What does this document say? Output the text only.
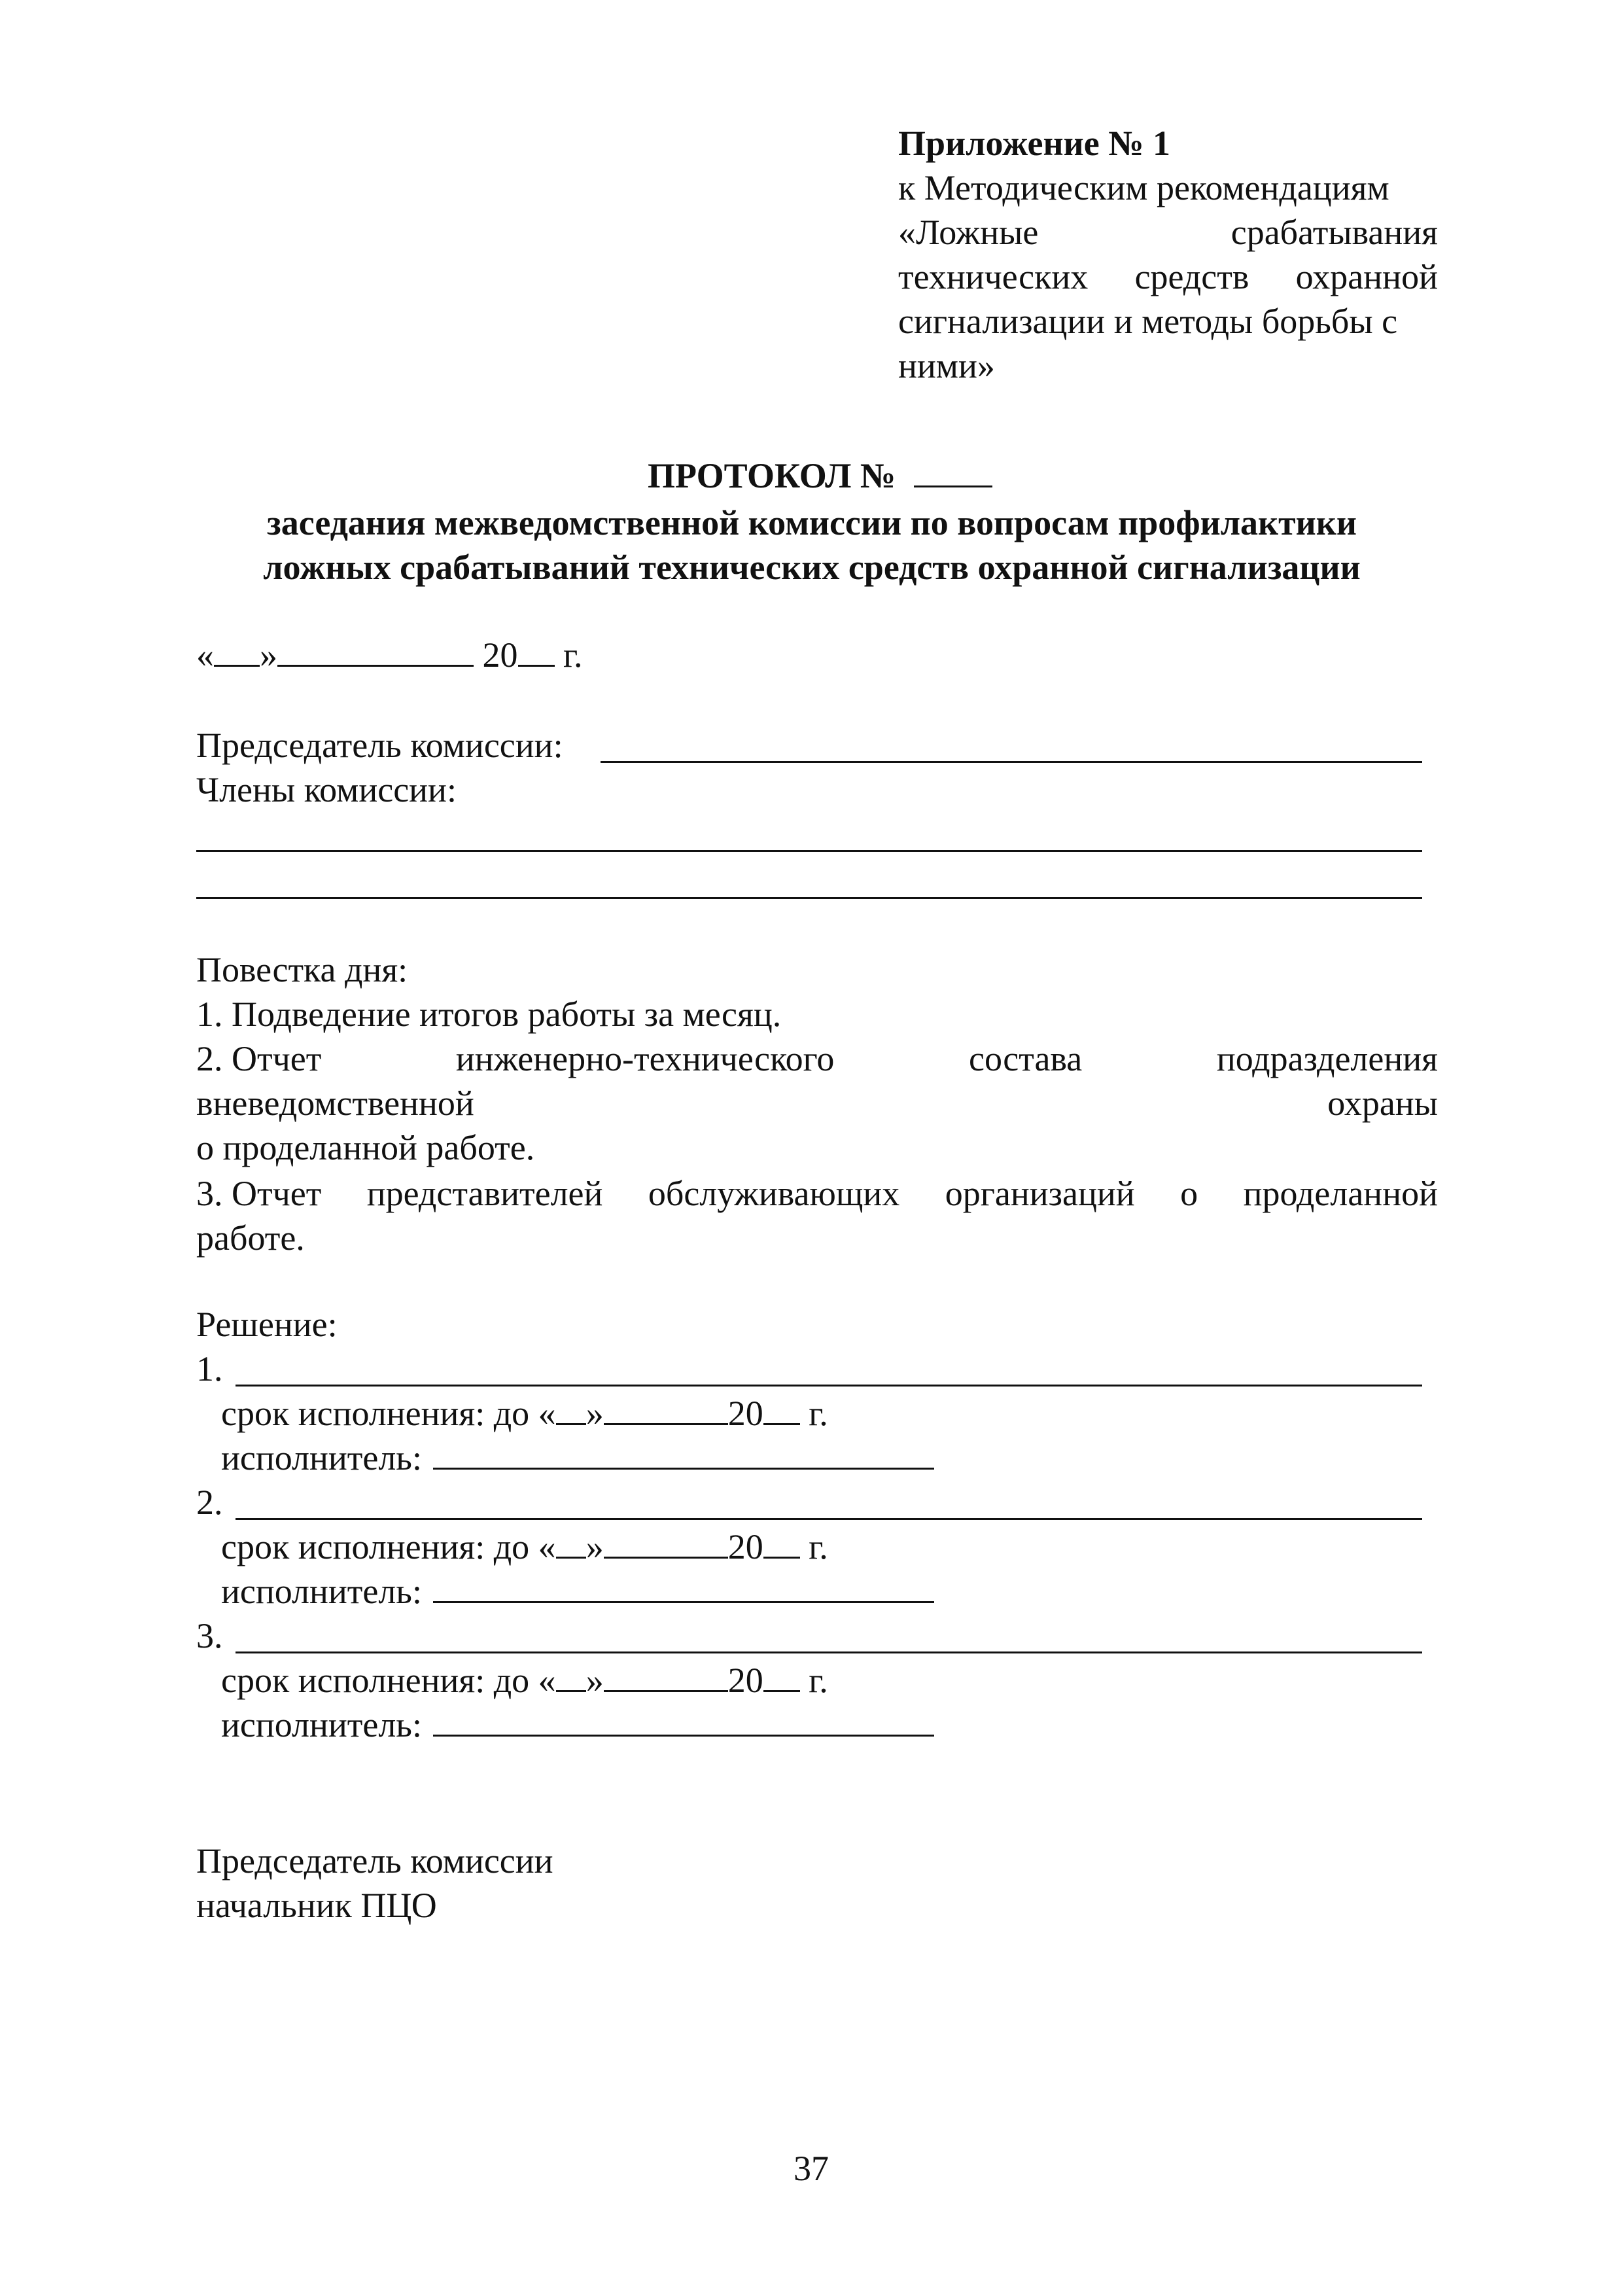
Приложение № 1
к Методическим рекомендациям
«Ложные	срабатывания
технических средств охранной
сигнализации и методы борьбы с
ними»
ПРОТОКОЛ №
заседания межведомственной комиссии по вопросам профилактики
ложных срабатываний технических средств охранной сигнализации
« »	20 г.
Председатель комиссии:
Члены комиссии:
Повестка дня:
1. Подведение итогов работы за месяц.
2. Отчет	инженерно-технического	состава	подразделения
вневедомственной	охраны
о проделанной работе.
3. Отчет представителей обслуживающих организаций о проделанной
работе.
Решение:
1.
срок исполнения: до « »	20 г.
исполнитель:
2.
срок исполнения: до « »	20 г.
исполнитель:
3.
срок исполнения: до « »	20 г.
исполнитель:
Председатель комиссии
начальник ПЦО
37
